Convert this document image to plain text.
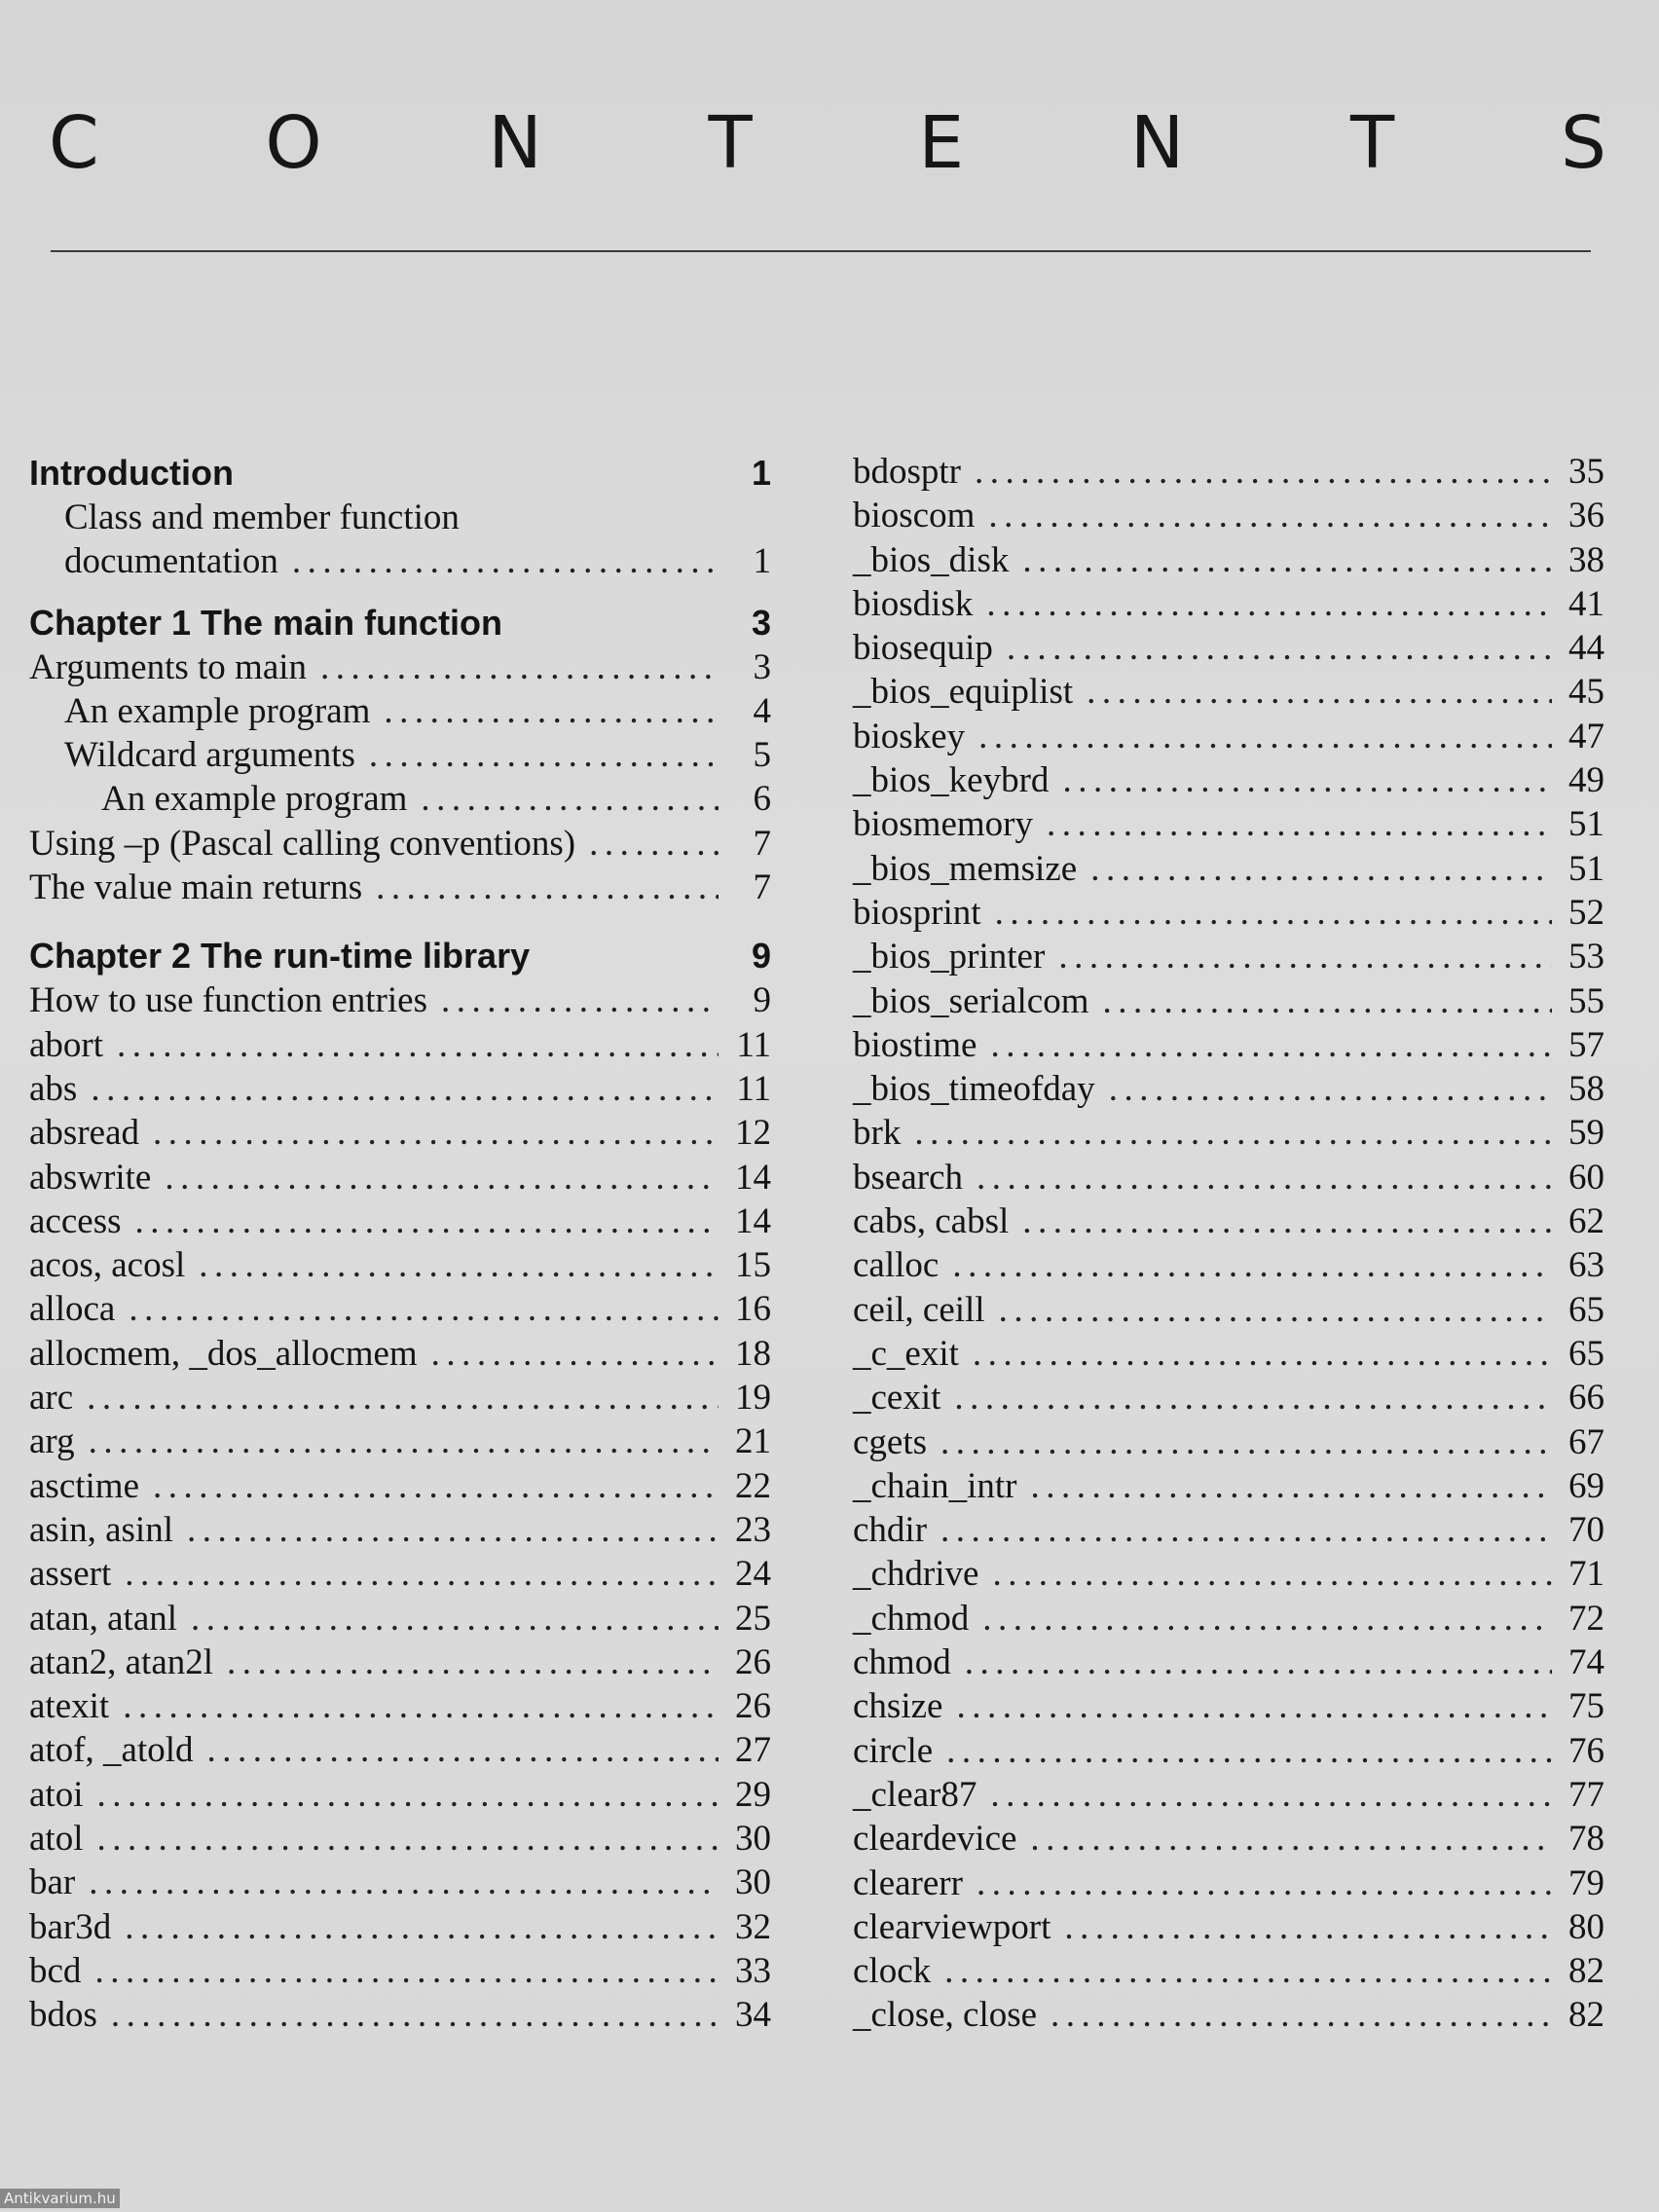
C O N T E N T S
Introduction	1
Class and member function
documentation .....	1
Chapter 1 The main function	3
Arguments to main .....	3
An example program .....	4
Wildcard arguments .....	5
An example program .....	6
Using –p (Pascal calling conventions) .....	7
The value main returns .....	7
Chapter 2 The run-time library	9
How to use function entries .....	9
abort .....	11
abs .....	11
absread .....	12
abswrite .....	14
access .....	14
acos, acosl .....	15
alloca .....	16
allocmem, _dos_allocmem .....	18
arc .....	19
arg .....	21
asctime .....	22
asin, asinl .....	23
assert .....	24
atan, atanl .....	25
atan2, atan2l .....	26
atexit .....	26
atof, _atold .....	27
atoi .....	29
atol .....	30
bar .....	30
bar3d .....	32
bcd .....	33
bdos .....	34
bdosptr .....	35
bioscom .....	36
_bios_disk .....	38
biosdisk .....	41
biosequip .....	44
_bios_equiplist .....	45
bioskey .....	47
_bios_keybrd .....	49
biosmemory .....	51
_bios_memsize .....	51
biosprint .....	52
_bios_printer .....	53
_bios_serialcom .....	55
biostime .....	57
_bios_timeofday .....	58
brk .....	59
bsearch .....	60
cabs, cabsl .....	62
calloc .....	63
ceil, ceill .....	65
_c_exit .....	65
_cexit .....	66
cgets .....	67
_chain_intr .....	69
chdir .....	70
_chdrive .....	71
_chmod .....	72
chmod .....	74
chsize .....	75
circle .....	76
_clear87 .....	77
cleardevice .....	78
clearerr .....	79
clearviewport .....	80
clock .....	82
_close, close .....	82
Antikvarium.hu
